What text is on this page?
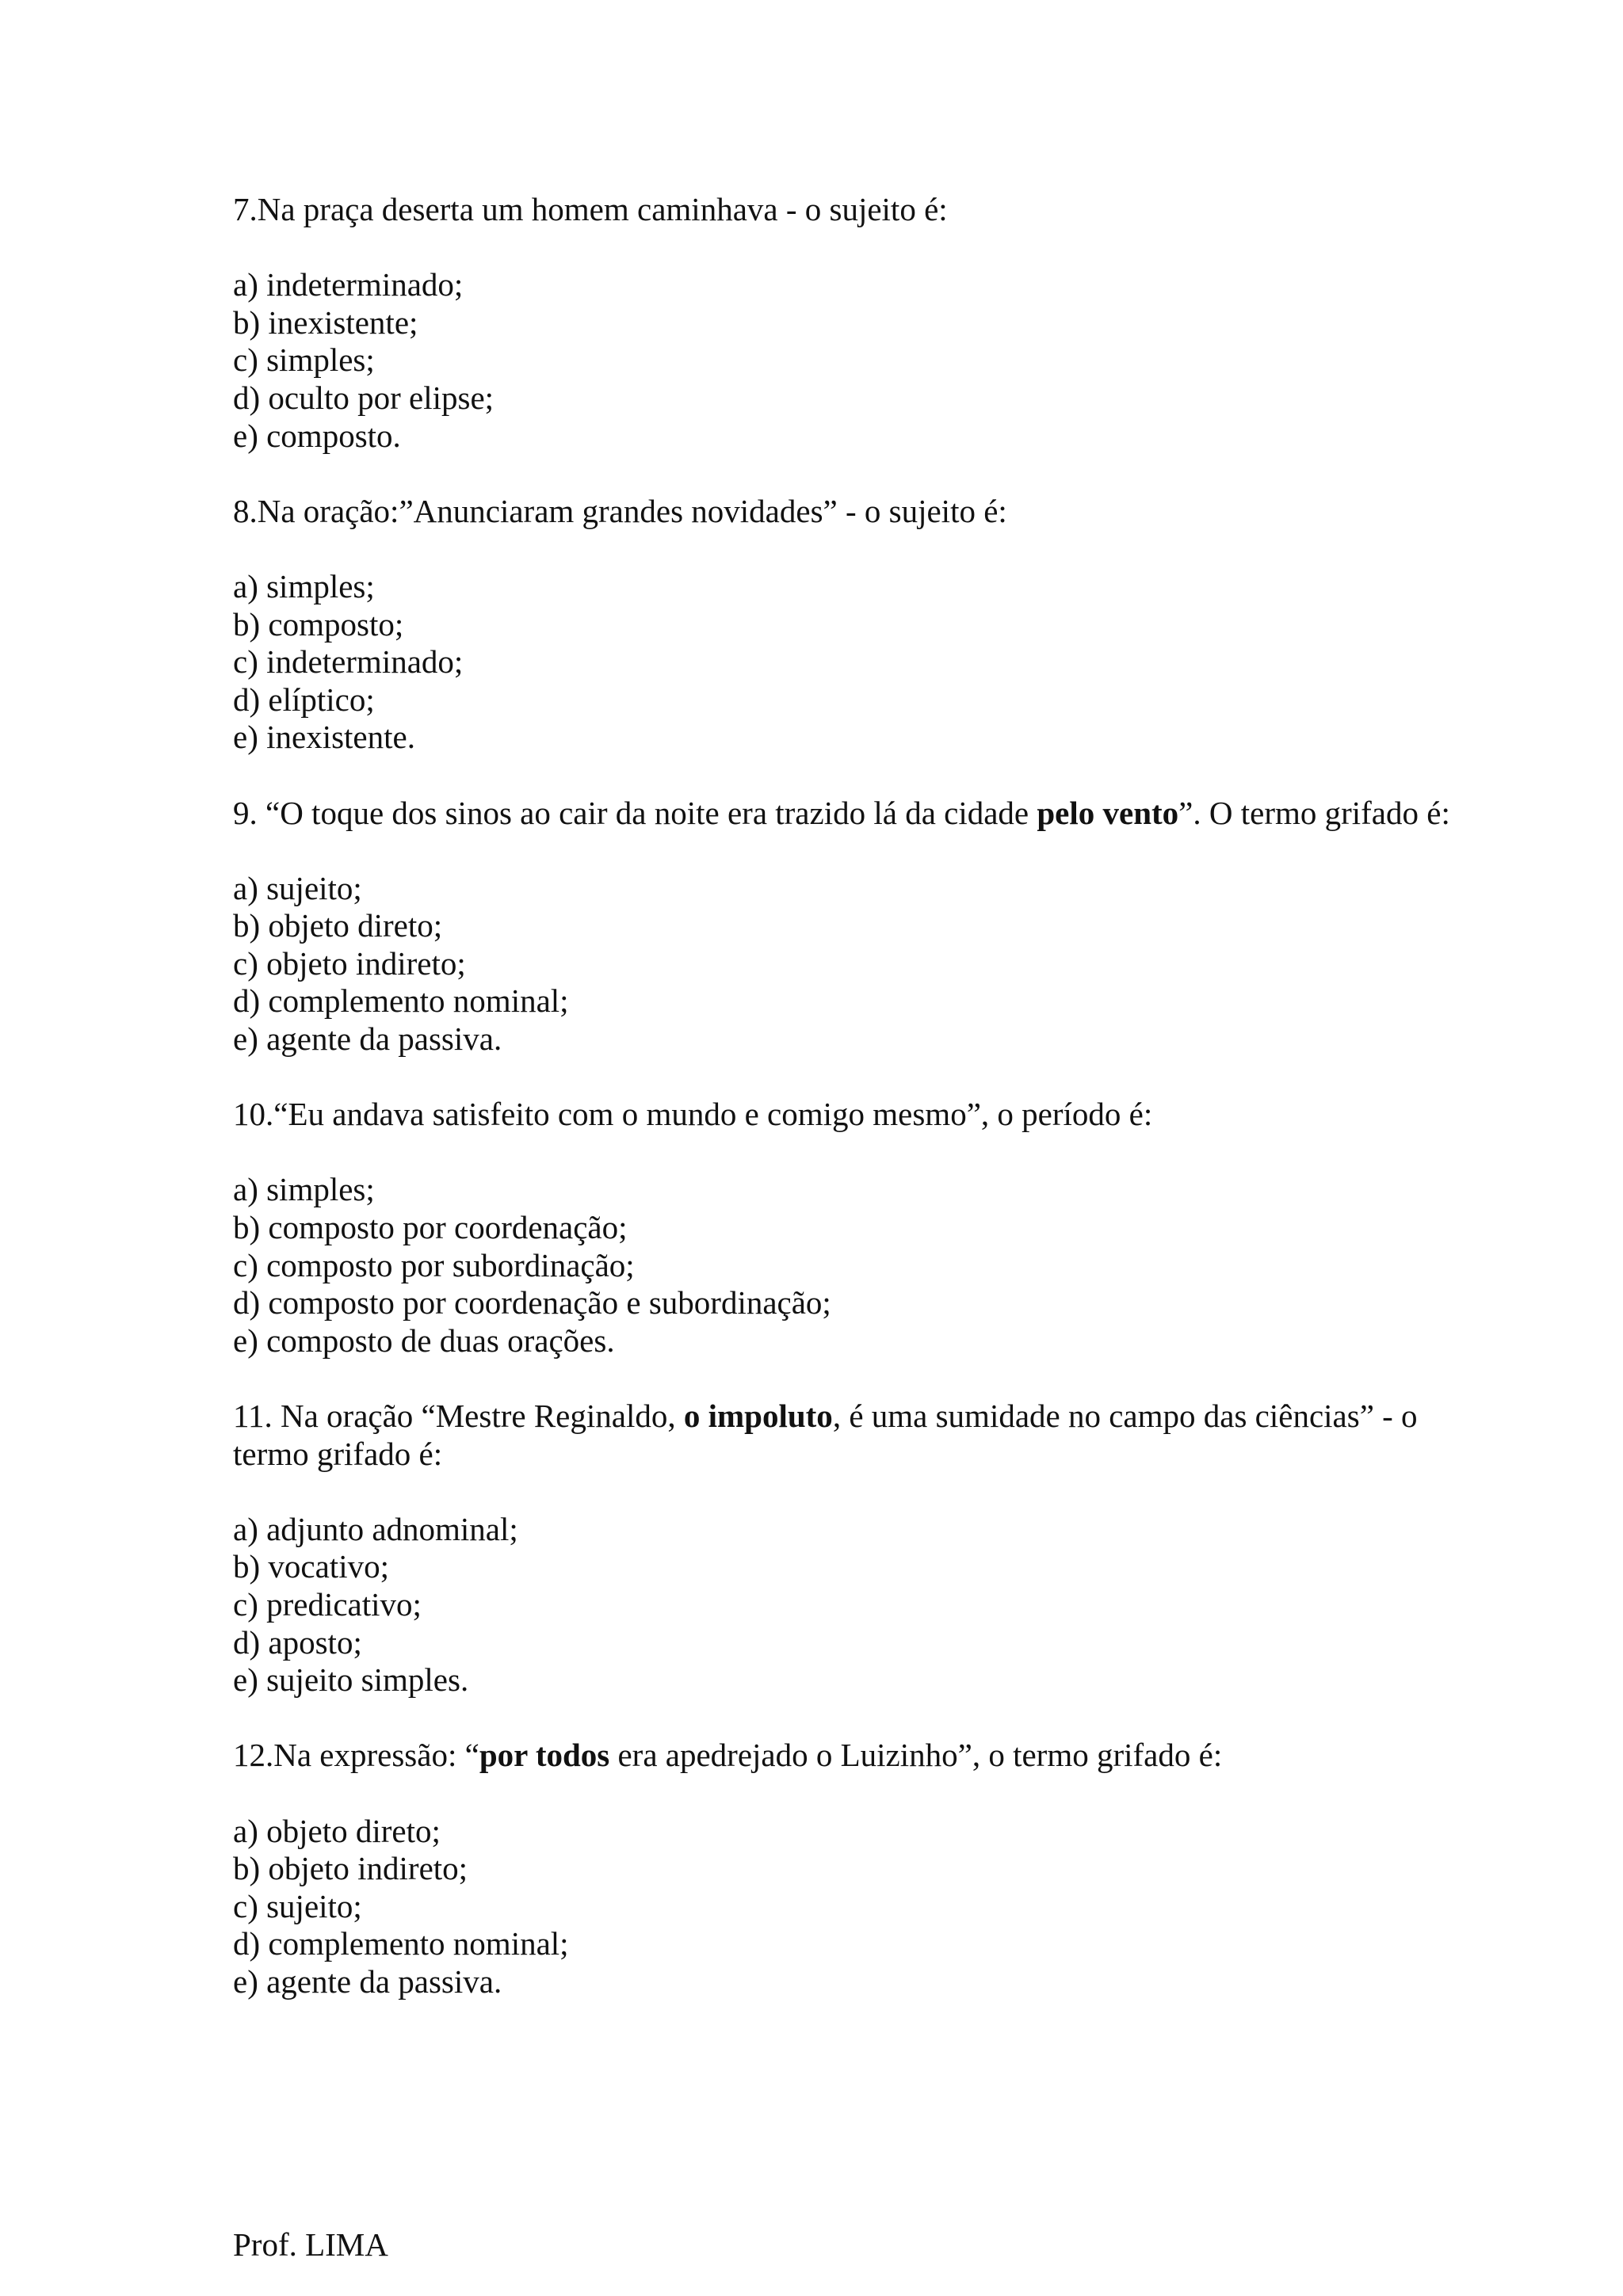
7.Na praça deserta um homem caminhava - o sujeito é:

a) indeterminado;
b) inexistente;
c) simples;
d) oculto por elipse;
e) composto.

8.Na oração:”Anunciaram grandes novidades” - o sujeito é:

a) simples;
b) composto;
c) indeterminado;
d) elíptico;
e) inexistente.

9. “O toque dos sinos ao cair da noite era trazido lá da cidade pelo vento”. O termo grifado é:

a) sujeito;
b) objeto direto;
c) objeto indireto;
d) complemento nominal;
e) agente da passiva.

10.“Eu andava satisfeito com o mundo e comigo mesmo”, o período é:

a) simples;
b) composto por coordenação;
c) composto por subordinação;
d) composto por coordenação e subordinação;
e) composto de duas orações.

11. Na oração “Mestre Reginaldo, o impoluto, é uma sumidade no campo das ciências” - o termo grifado é:

a) adjunto adnominal;
b) vocativo;
c) predicativo;
d) aposto;
e) sujeito simples.

12.Na expressão: “por todos era apedrejado o Luizinho”, o termo grifado é:

a) objeto direto;
b) objeto indireto;
c) sujeito;
d) complemento nominal;
e) agente da passiva.
Prof. LIMA
